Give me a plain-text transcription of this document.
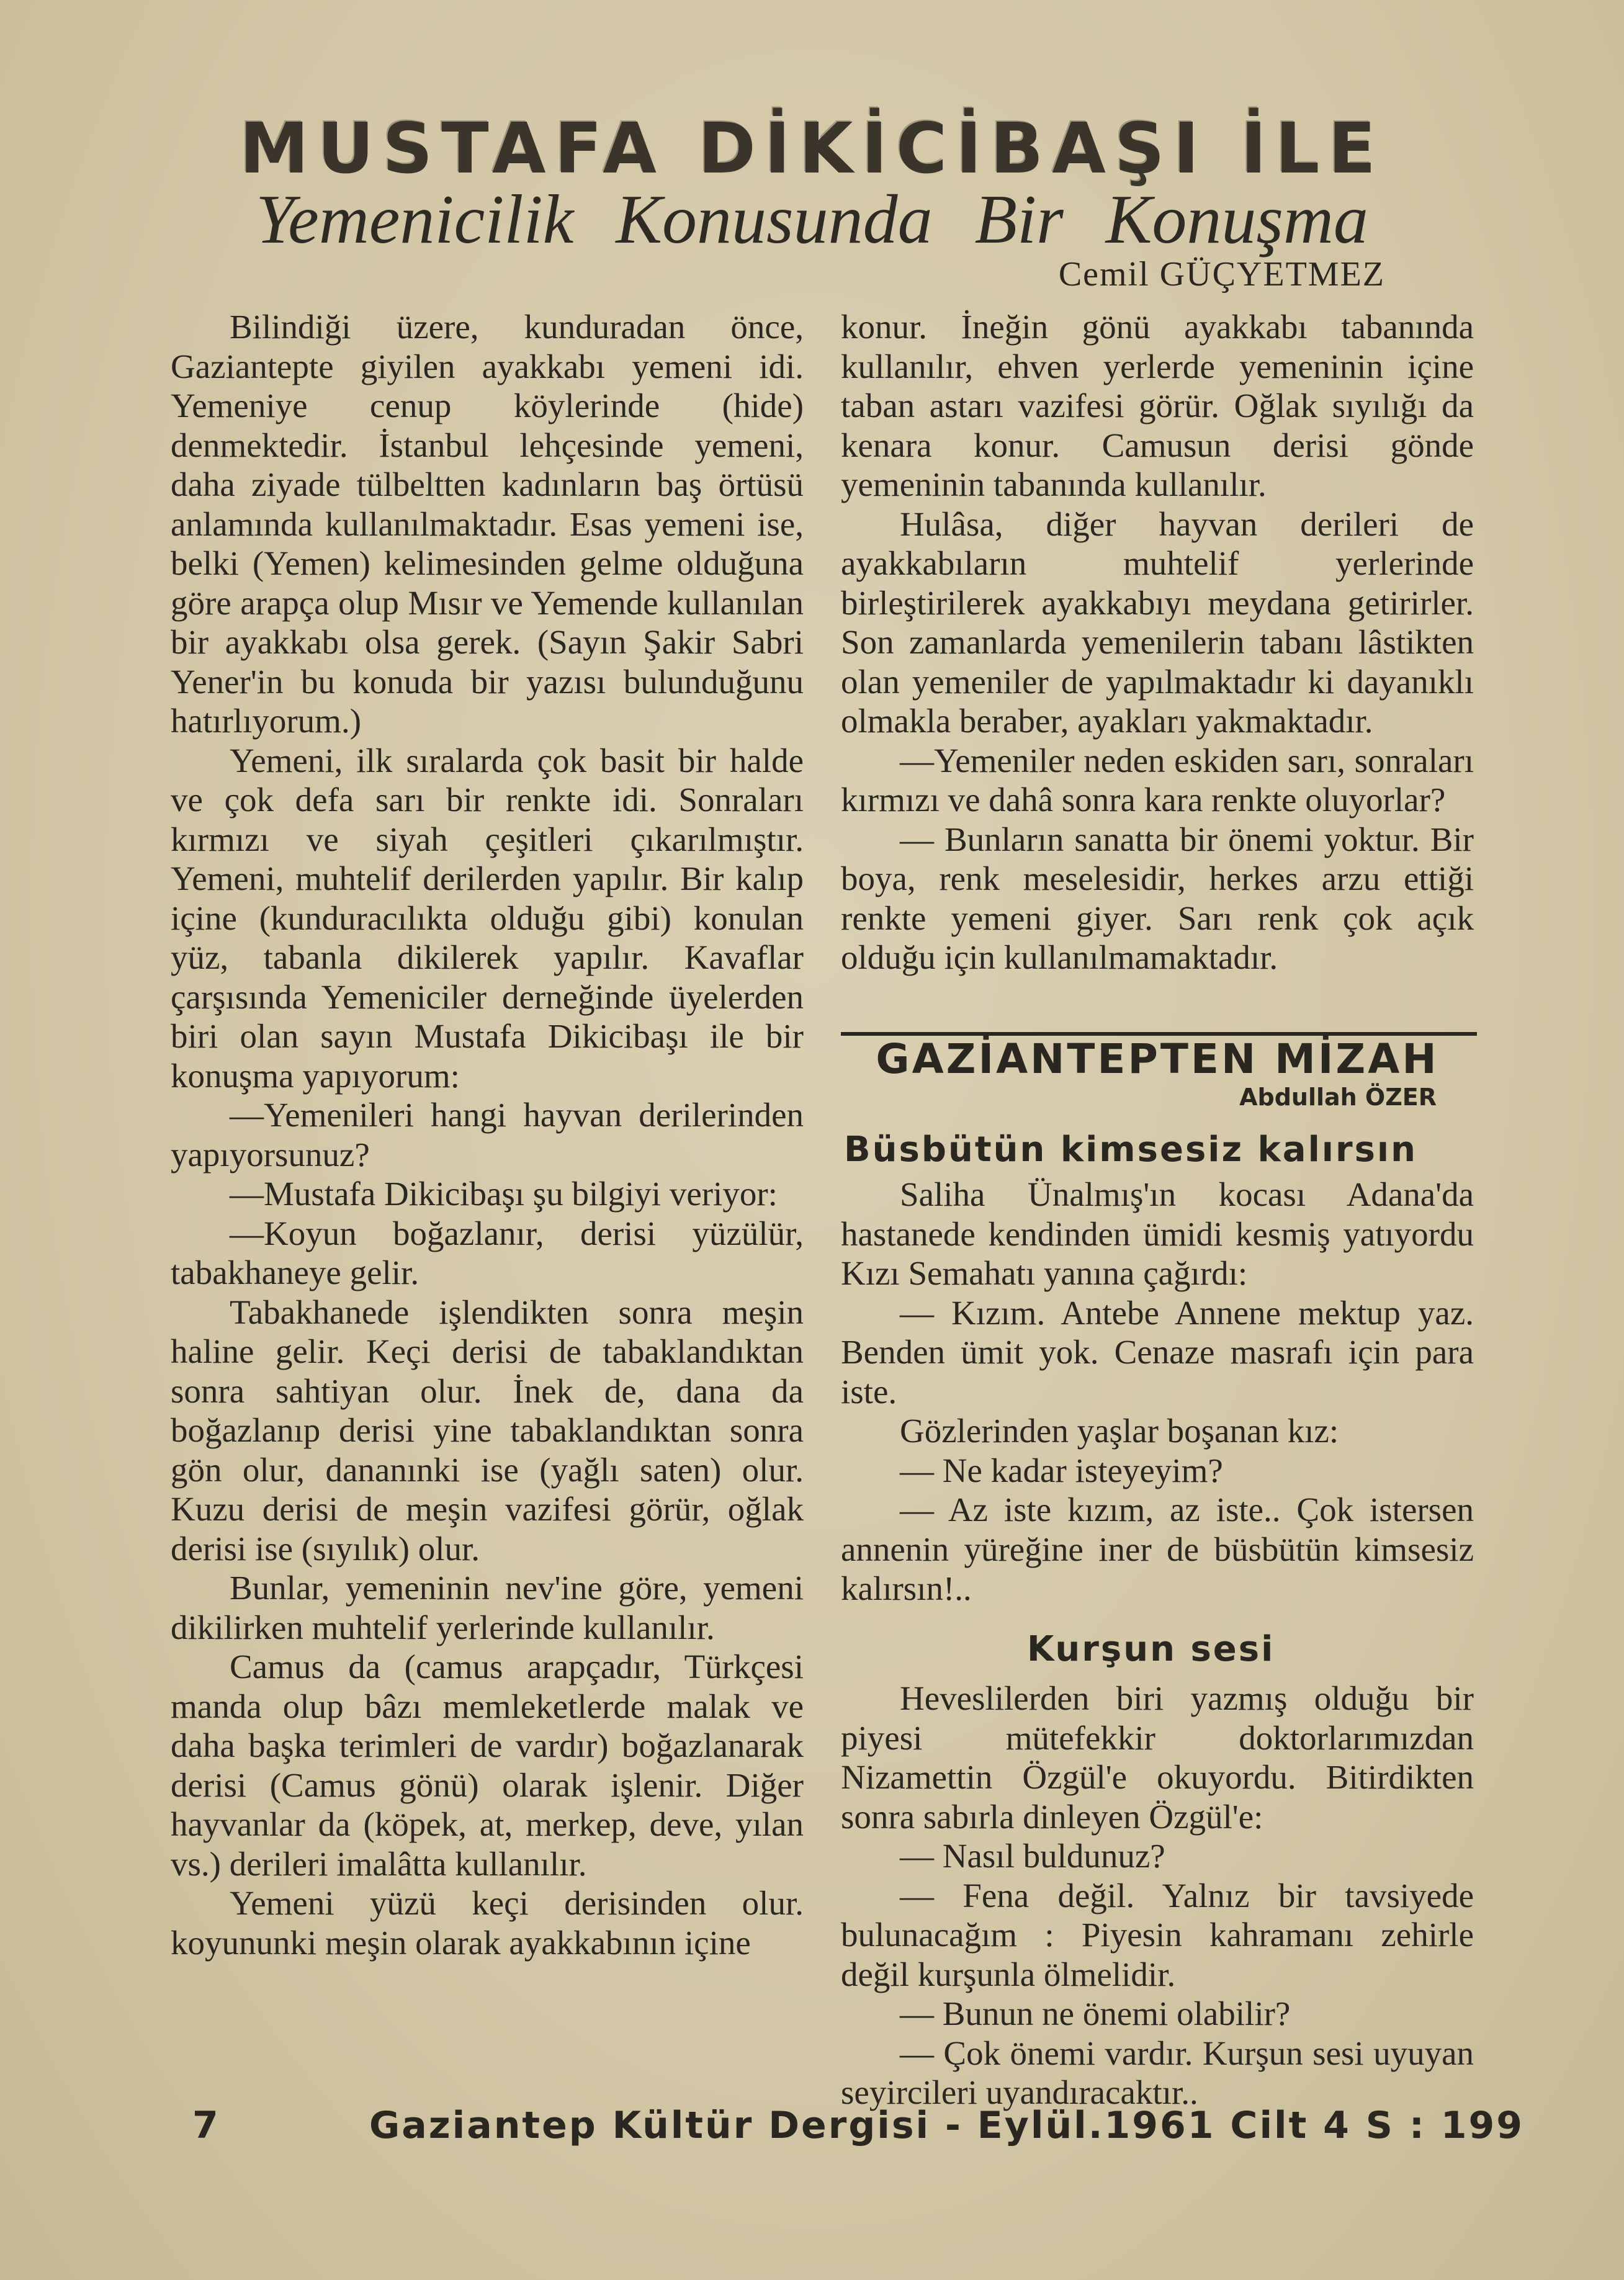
MUSTAFA DİKİCİBAŞI İLE
Yemenicilik Konusunda Bir Konuşma
Cemil GÜÇYETMEZ

Bilindiği üzere, kunduradan önce, Gaziantepte giyilen ayakkabı yemeni idi. Yemeniye cenup köylerinde (hide) denmektedir. İstanbul lehçesinde yemeni, daha ziyade tülbeltten kadınların baş örtüsü anlamında kullanılmaktadır. Esas yemeni ise, belki (Yemen) kelimesinden gelme olduğuna göre arapça olup Mısır ve Yemende kullanılan bir ayakkabı olsa gerek. (Sayın Şakir Sabri Yener'in bu konuda bir yazısı bulunduğunu hatırlıyorum.)

Yemeni, ilk sıralarda çok basit bir halde ve çok defa sarı bir renkte idi. Sonraları kırmızı ve siyah çeşitleri çıkarılmıştır. Yemeni, muhtelif derilerden yapılır. Bir kalıp içine (kunduracılıkta olduğu gibi) konulan yüz, tabanla dikilerek yapılır. Kavaflar çarşısında Yemeniciler derneğinde üyelerden biri olan sayın Mustafa Dikicibaşı ile bir konuşma yapıyorum:

—Yemenileri hangi hayvan derilerinden yapıyorsunuz?

—Mustafa Dikicibaşı şu bilgiyi veriyor:

—Koyun boğazlanır, derisi yüzülür, tabakhaneye gelir.

Tabakhanede işlendikten sonra meşin haline gelir. Keçi derisi de tabaklandıktan sonra sahtiyan olur. İnek de, dana da boğazlanıp derisi yine tabaklandıktan sonra gön olur, dananınki ise (yağlı saten) olur. Kuzu derisi de meşin vazifesi görür, oğlak derisi ise (sıyılık) olur.

Bunlar, yemeninin nev'ine göre, yemeni dikilirken muhtelif yerlerinde kullanılır.

Camus da (camus arapçadır, Türkçesi manda olup bâzı memleketlerde malak ve daha başka terimleri de vardır) boğazlanarak derisi (Camus gönü) olarak işlenir. Diğer hayvanlar da (köpek, at, merkep, deve, yılan vs.) derileri imalâtta kullanılır.

Yemeni yüzü keçi derisinden olur. koyununki meşin olarak ayakkabının içine

konur. İneğin gönü ayakkabı tabanında kullanılır, ehven yerlerde yemeninin içine taban astarı vazifesi görür. Oğlak sıyılığı da kenara konur. Camusun derisi gönde yemeninin tabanında kullanılır.

Hulâsa, diğer hayvan derileri de ayakkabıların muhtelif yerlerinde birleştirilerek ayakkabıyı meydana getirirler. Son zamanlarda yemenilerin tabanı lâstikten olan yemeniler de yapılmaktadır ki dayanıklı olmakla beraber, ayakları yakmaktadır.

—Yemeniler neden eskiden sarı, sonraları kırmızı ve dahâ sonra kara renkte oluyorlar?

— Bunların sanatta bir önemi yoktur. Bir boya, renk meselesidir, herkes arzu ettiği renkte yemeni giyer. Sarı renk çok açık olduğu için kullanılmamaktadır.

GAZİANTEPTEN MİZAH
Abdullah ÖZER
Büsbütün kimsesiz kalırsın

Saliha Ünalmış'ın kocası Adana'da hastanede kendinden ümidi kesmiş yatıyordu Kızı Semahatı yanına çağırdı:

— Kızım. Antebe Annene mektup yaz. Benden ümit yok. Cenaze masrafı için para iste.

Gözlerinden yaşlar boşanan kız:

— Ne kadar isteyeyim?

— Az iste kızım, az iste.. Çok istersen annenin yüreğine iner de büsbütün kimsesiz kalırsın!..

Kurşun sesi

Heveslilerden biri yazmış olduğu bir piyesi mütefekkir doktorlarımızdan Nizamettin Özgül'e okuyordu. Bitirdikten sonra sabırla dinleyen Özgül'e:

— Nasıl buldunuz?

— Fena değil. Yalnız bir tavsiyede bulunacağım : Piyesin kahramanı zehirle değil kurşunla ölmelidir.

— Bunun ne önemi olabilir?

— Çok önemi vardır. Kurşun sesi uyuyan seyircileri uyandıracaktır..

7	Gaziantep Kültür Dergisi - Eylül.1961 Cilt 4 S : 199
